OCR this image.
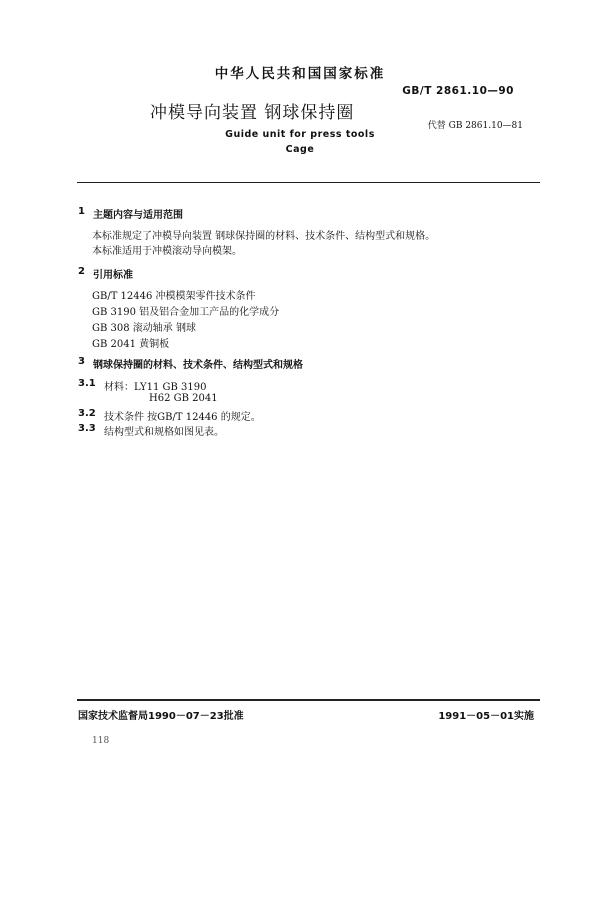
中华人民共和国国家标准
GB/T 2861.10—90
冲模导向装置 钢球保持圈
代替 GB 2861.10—81
Guide unit for press tools
Cage
1 主题内容与适用范围
本标准规定了冲模导向装置 钢球保持圈的材料、技术条件、结构型式和规格。
本标准适用于冲模滚动导向模架。
2 引用标准
GB/T 12446 冲模模架零件技术条件
GB 3190 铝及铝合金加工产品的化学成分
GB 308 滚动轴承 钢球
GB 2041 黄铜板
3 钢球保持圈的材料、技术条件、结构型式和规格
3.1 材料：LY11 GB 3190
H62 GB 2041
3.2 技术条件 按GB/T 12446 的规定。
3.3 结构型式和规格如图见表。
国家技术监督局1990－07－23批准	1991－05－01实施
118
